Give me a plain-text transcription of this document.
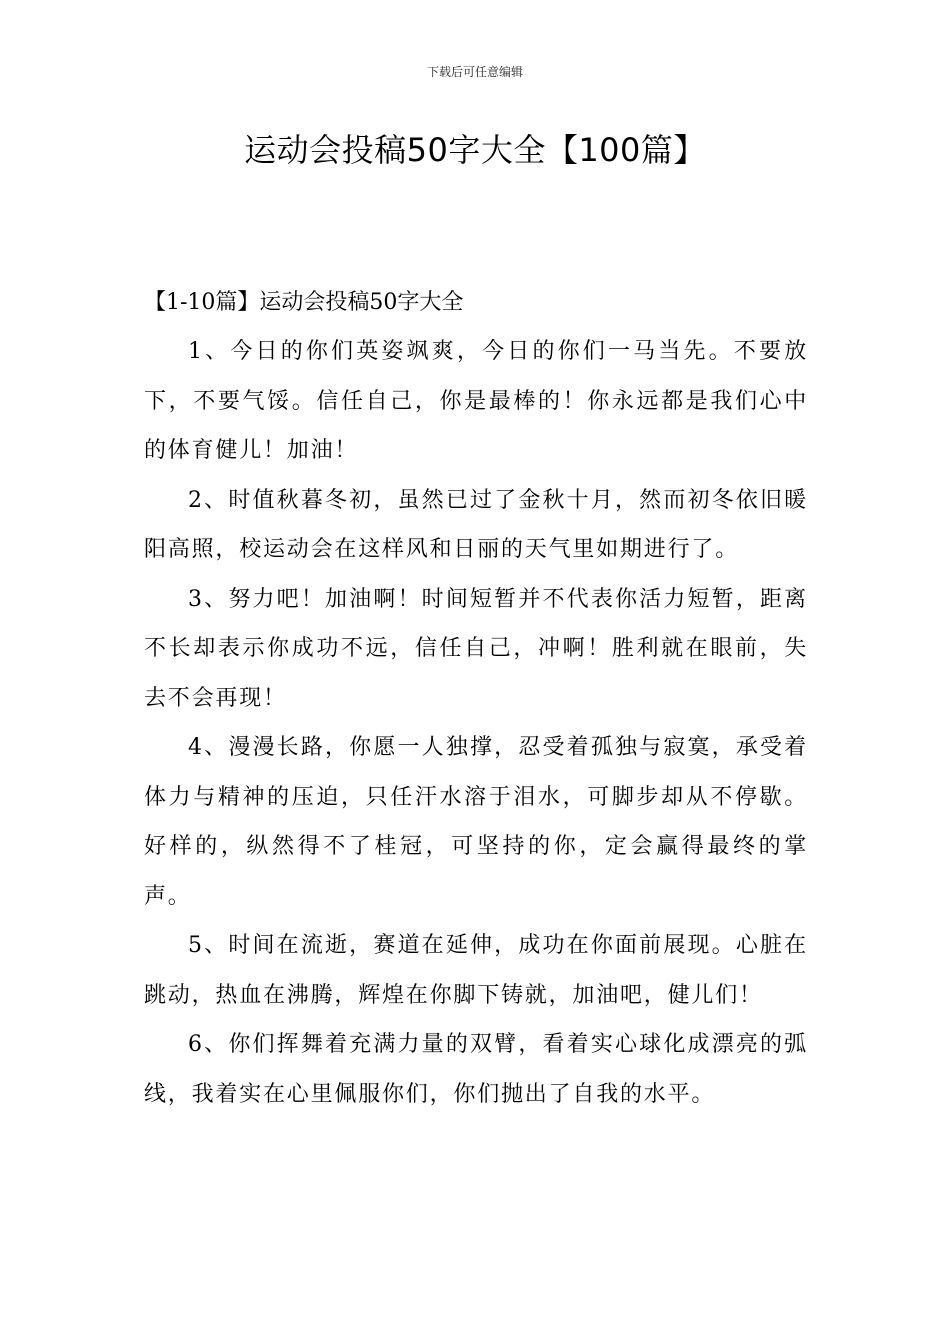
下载后可任意编辑
运动会投稿50字大全【100篇】
【1-10篇】运动会投稿50字大全

1、今日的你们英姿飒爽，今日的你们一马当先。不要放下，不要气馁。信任自己，你是最棒的！你永远都是我们心中的体育健儿！加油！

2、时值秋暮冬初，虽然已过了金秋十月，然而初冬依旧暖阳高照，校运动会在这样风和日丽的天气里如期进行了。

3、努力吧！加油啊！时间短暂并不代表你活力短暂，距离不长却表示你成功不远，信任自己，冲啊！胜利就在眼前，失去不会再现！

4、漫漫长路，你愿一人独撑，忍受着孤独与寂寞，承受着体力与精神的压迫，只任汗水溶于泪水，可脚步却从不停歇。好样的，纵然得不了桂冠，可坚持的你，定会赢得最终的掌声。

5、时间在流逝，赛道在延伸，成功在你面前展现。心脏在跳动，热血在沸腾，辉煌在你脚下铸就，加油吧，健儿们！

6、你们挥舞着充满力量的双臂，看着实心球化成漂亮的弧线，我着实在心里佩服你们，你们抛出了自我的水平。
